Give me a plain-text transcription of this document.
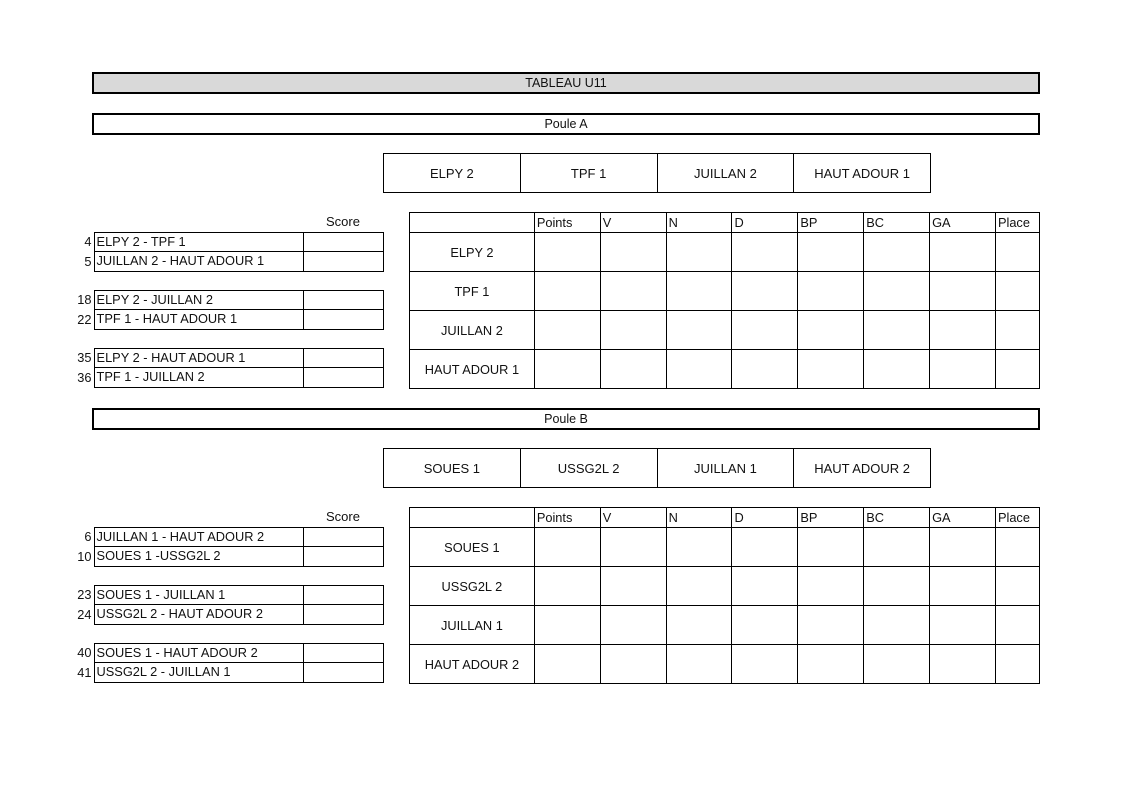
TABLEAU U11
Poule A
ELPY 2	TPF 1	JUILLAN 2	HAUT ADOUR 1
Score
4 ELPY 2 - TPF 1
5 JUILLAN 2 - HAUT ADOUR 1
18 ELPY 2 - JUILLAN 2
22 TPF 1 - HAUT ADOUR 1
35 ELPY 2 - HAUT ADOUR 1
36 TPF 1 - JUILLAN 2
	Points	V	N	D	BP	BC	GA	Place
ELPY 2								
TPF 1								
JUILLAN 2								
HAUT ADOUR 1								
Poule B
SOUES 1	USSG2L 2	JUILLAN 1	HAUT ADOUR 2
Score
6 JUILLAN 1 - HAUT ADOUR 2
10 SOUES 1 -USSG2L 2
23 SOUES 1 - JUILLAN 1
24 USSG2L 2 - HAUT ADOUR 2
40 SOUES 1 - HAUT ADOUR 2
41 USSG2L 2 - JUILLAN 1
	Points	V	N	D	BP	BC	GA	Place
SOUES 1								
USSG2L 2								
JUILLAN 1								
HAUT ADOUR 2								
